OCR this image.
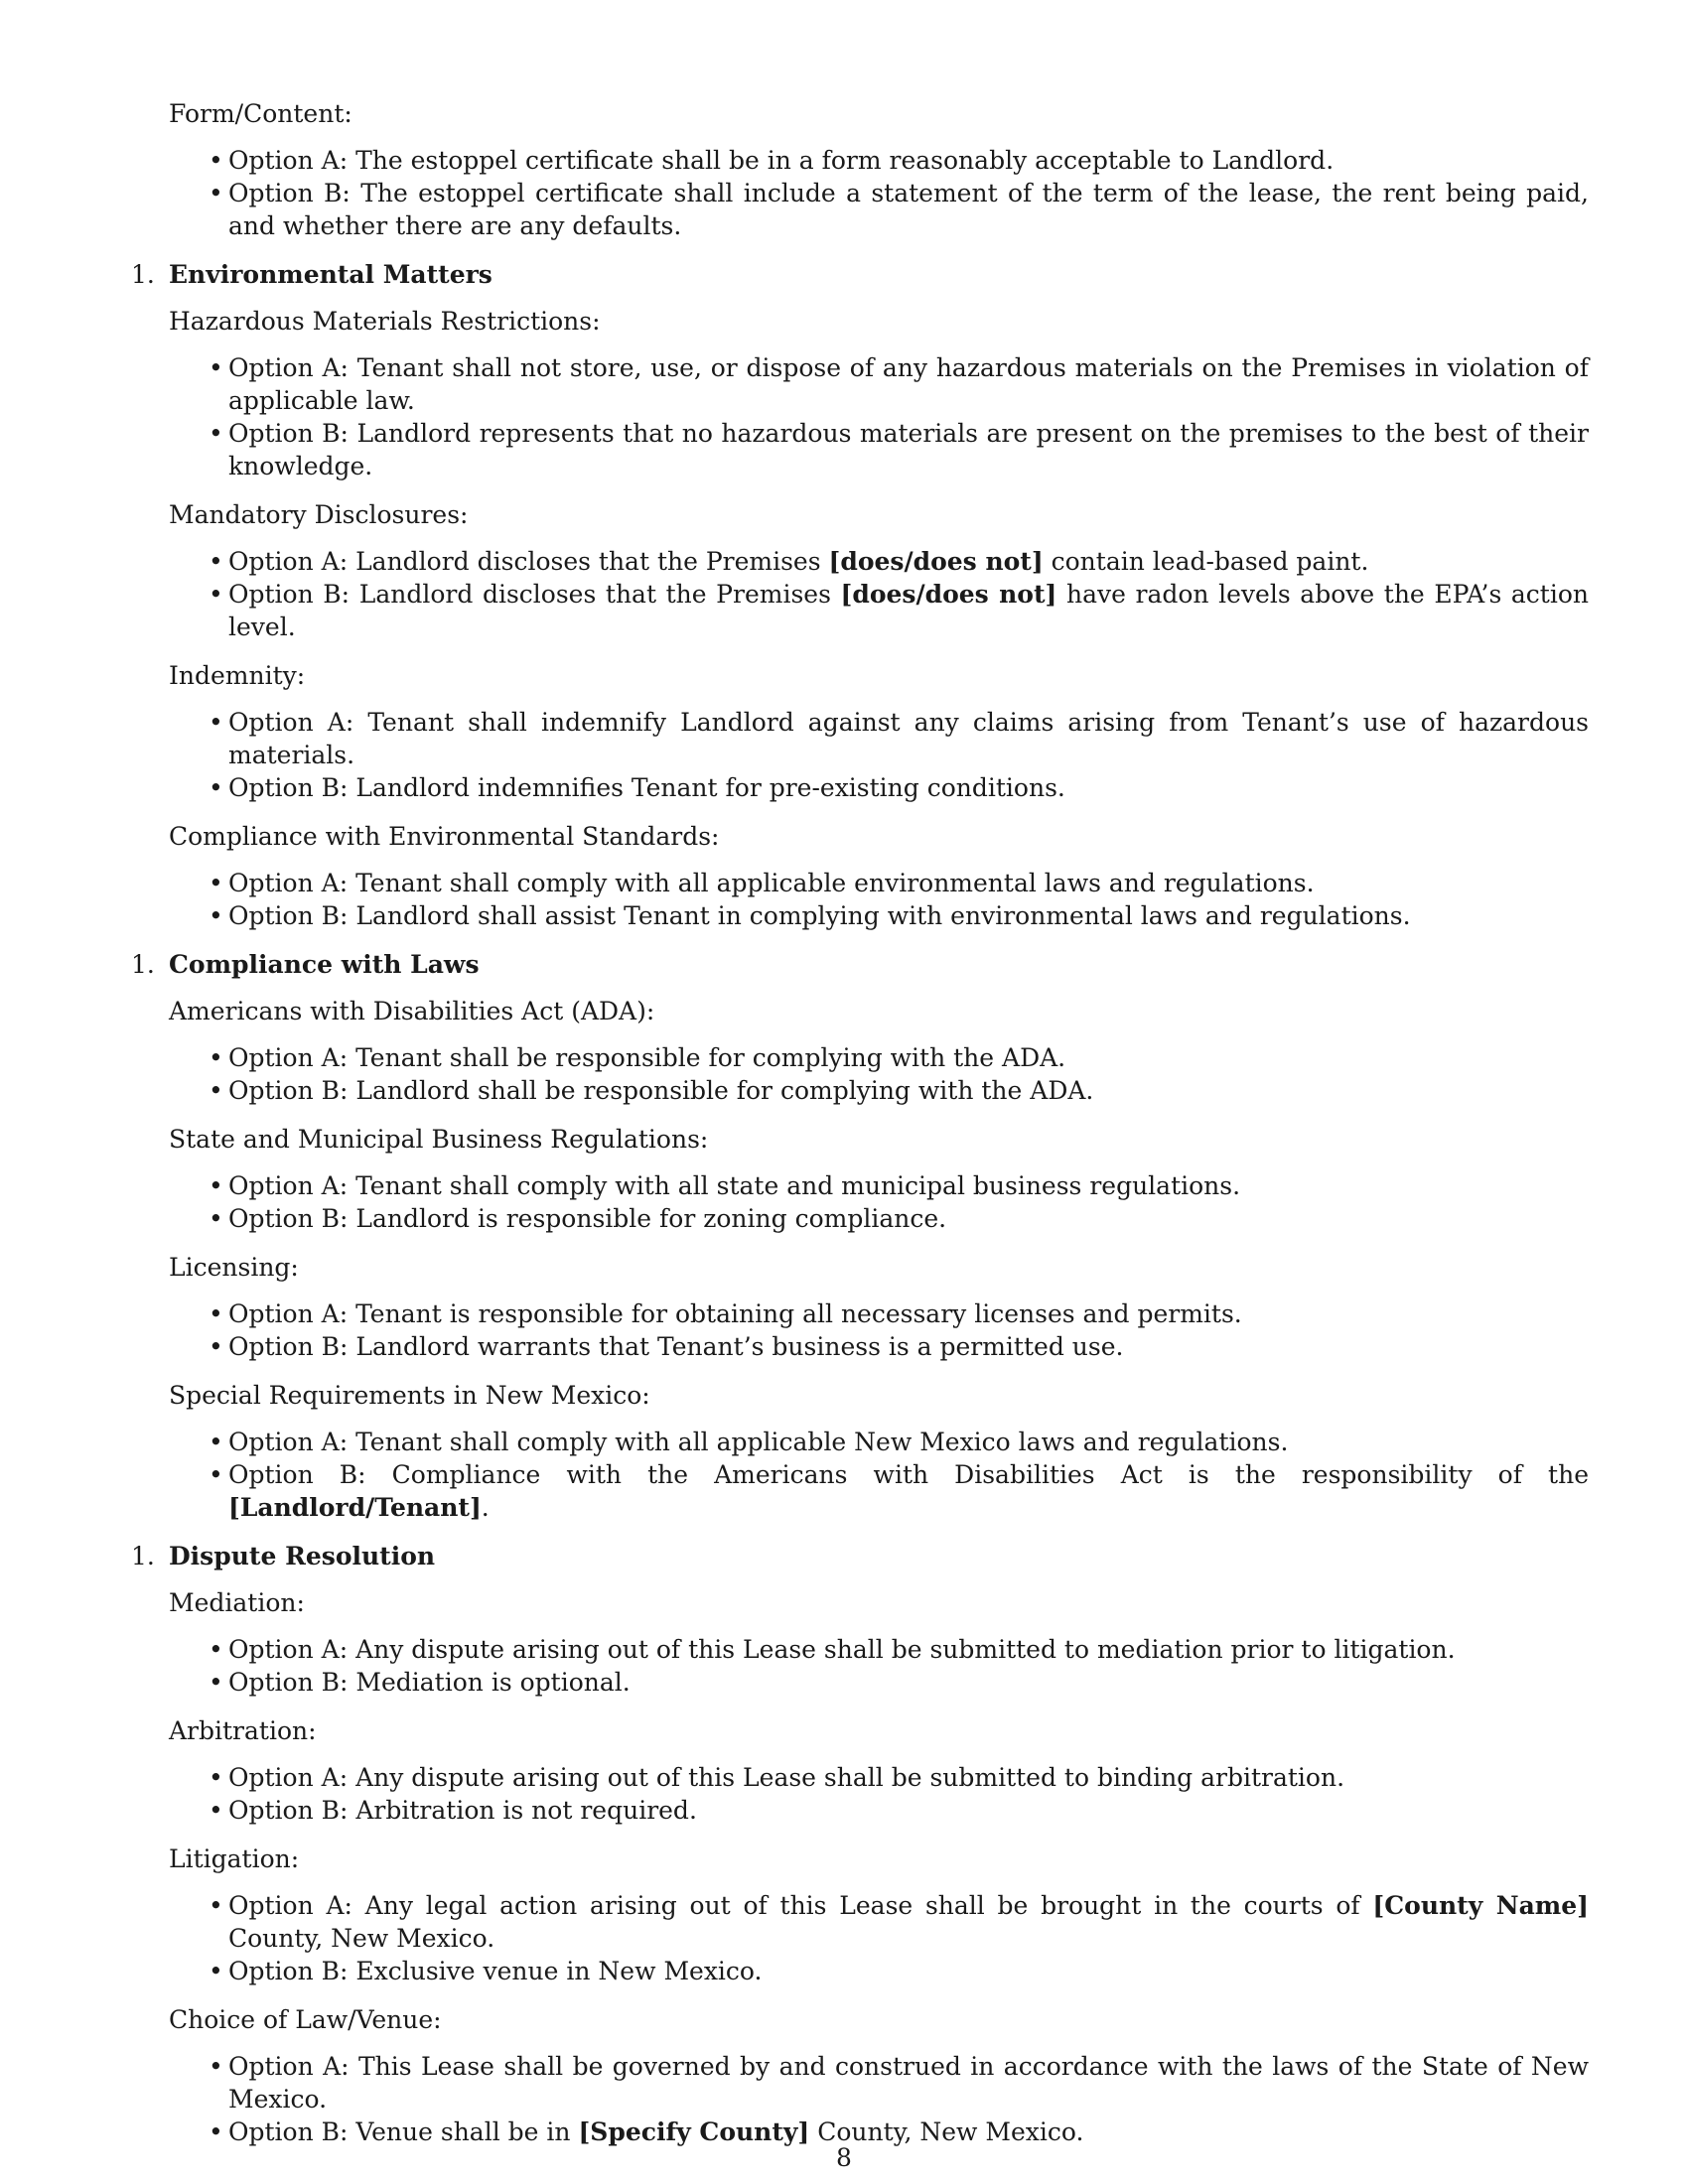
Form/Content:

• Option A: The estoppel certificate shall be in a form reasonably acceptable to Landlord.
• Option B: The estoppel certificate shall include a statement of the term of the lease, the rent being paid, and whether there are any defaults.
1. Environmental Matters

Hazardous Materials Restrictions:

• Option A: Tenant shall not store, use, or dispose of any hazardous materials on the Premises in violation of applicable law.
• Option B: Landlord represents that no hazardous materials are present on the premises to the best of their knowledge.

Mandatory Disclosures:

• Option A: Landlord discloses that the Premises [does/does not] contain lead-based paint.
• Option B: Landlord discloses that the Premises [does/does not] have radon levels above the EPA’s action level.

Indemnity:

• Option A: Tenant shall indemnify Landlord against any claims arising from Tenant’s use of hazardous materials.
• Option B: Landlord indemnifies Tenant for pre-existing conditions.

Compliance with Environmental Standards:

• Option A: Tenant shall comply with all applicable environmental laws and regulations.
• Option B: Landlord shall assist Tenant in complying with environmental laws and regulations.
1. Compliance with Laws

Americans with Disabilities Act (ADA):

• Option A: Tenant shall be responsible for complying with the ADA.
• Option B: Landlord shall be responsible for complying with the ADA.

State and Municipal Business Regulations:

• Option A: Tenant shall comply with all state and municipal business regulations.
• Option B: Landlord is responsible for zoning compliance.

Licensing:

• Option A: Tenant is responsible for obtaining all necessary licenses and permits.
• Option B: Landlord warrants that Tenant’s business is a permitted use.

Special Requirements in New Mexico:

• Option A: Tenant shall comply with all applicable New Mexico laws and regulations.
• Option B: Compliance with the Americans with Disabilities Act is the responsibility of the [Landlord/Tenant].
1. Dispute Resolution

Mediation:

• Option A: Any dispute arising out of this Lease shall be submitted to mediation prior to litigation.
• Option B: Mediation is optional.

Arbitration:

• Option A: Any dispute arising out of this Lease shall be submitted to binding arbitration.
• Option B: Arbitration is not required.

Litigation:

• Option A: Any legal action arising out of this Lease shall be brought in the courts of [County Name] County, New Mexico.
• Option B: Exclusive venue in New Mexico.

Choice of Law/Venue:

• Option A: This Lease shall be governed by and construed in accordance with the laws of the State of New Mexico.
• Option B: Venue shall be in [Specify County] County, New Mexico.
8
